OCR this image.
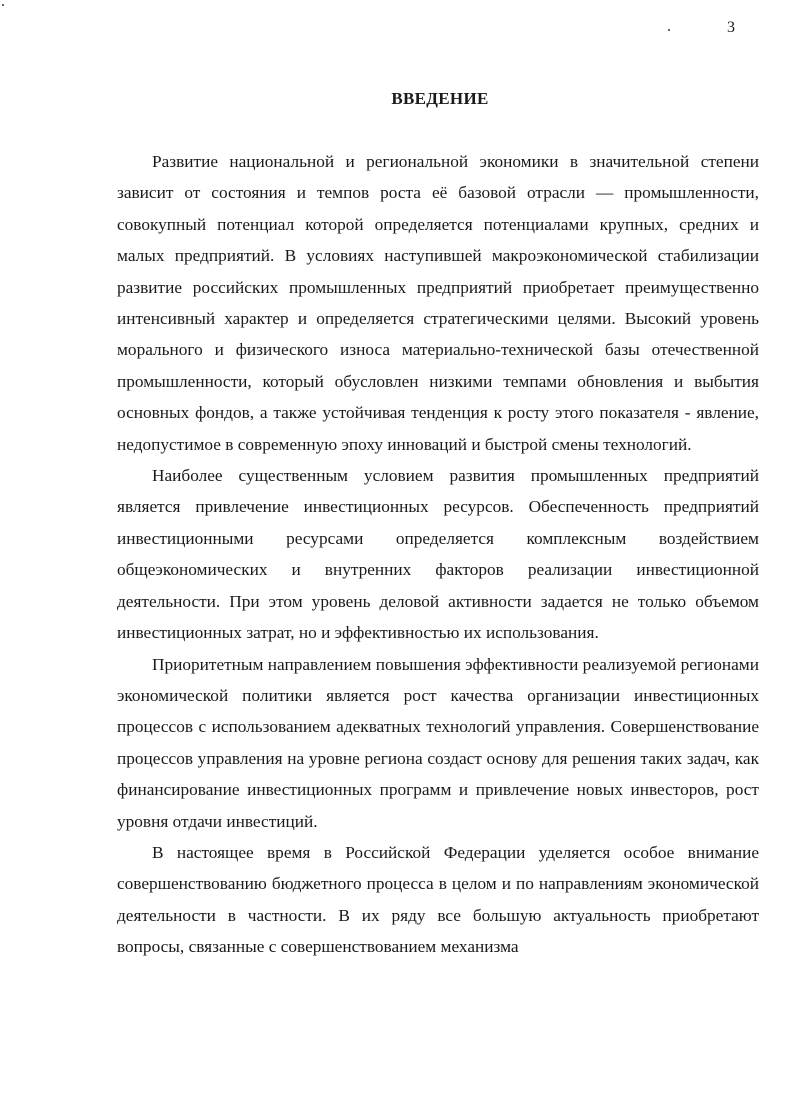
3
ВВЕДЕНИЕ

Развитие национальной и региональной экономики в значительной степени зависит от состояния и темпов роста её базовой отрасли — промышленности, совокупный потенциал которой определяется потенциалами крупных, средних и малых предприятий. В условиях наступившей макроэкономической стабилизации развитие российских промышленных предприятий приобретает преимущественно интенсивный характер и определяется стратегическими целями. Высокий уровень морального и физического износа материально-технической базы отечественной промышленности, который обусловлен низкими темпами обновления и выбытия основных фондов, а также устойчивая тенденция к росту этого показателя - явление, недопустимое в современную эпоху инноваций и быстрой смены технологий.

Наиболее существенным условием развития промышленных предприятий является привлечение инвестиционных ресурсов. Обеспеченность предприятий инвестиционными ресурсами определяется комплексным воздействием общеэкономических и внутренних факторов реализации инвестиционной деятельности. При этом уровень деловой активности задается не только объемом инвестиционных затрат, но и эффективностью их использования.

Приоритетным направлением повышения эффективности реализуемой регионами экономической политики является рост качества организации инвестиционных процессов с использованием адекватных технологий управления. Совершенствование процессов управления на уровне региона создаст основу для решения таких задач, как финансирование инвестиционных программ и привлечение новых инвесторов, рост уровня отдачи инвестиций.

В настоящее время в Российской Федерации уделяется особое внимание совершенствованию бюджетного процесса в целом и по направлениям экономической деятельности в частности. В их ряду все большую актуальность приобретают вопросы, связанные с совершенствованием механизма
